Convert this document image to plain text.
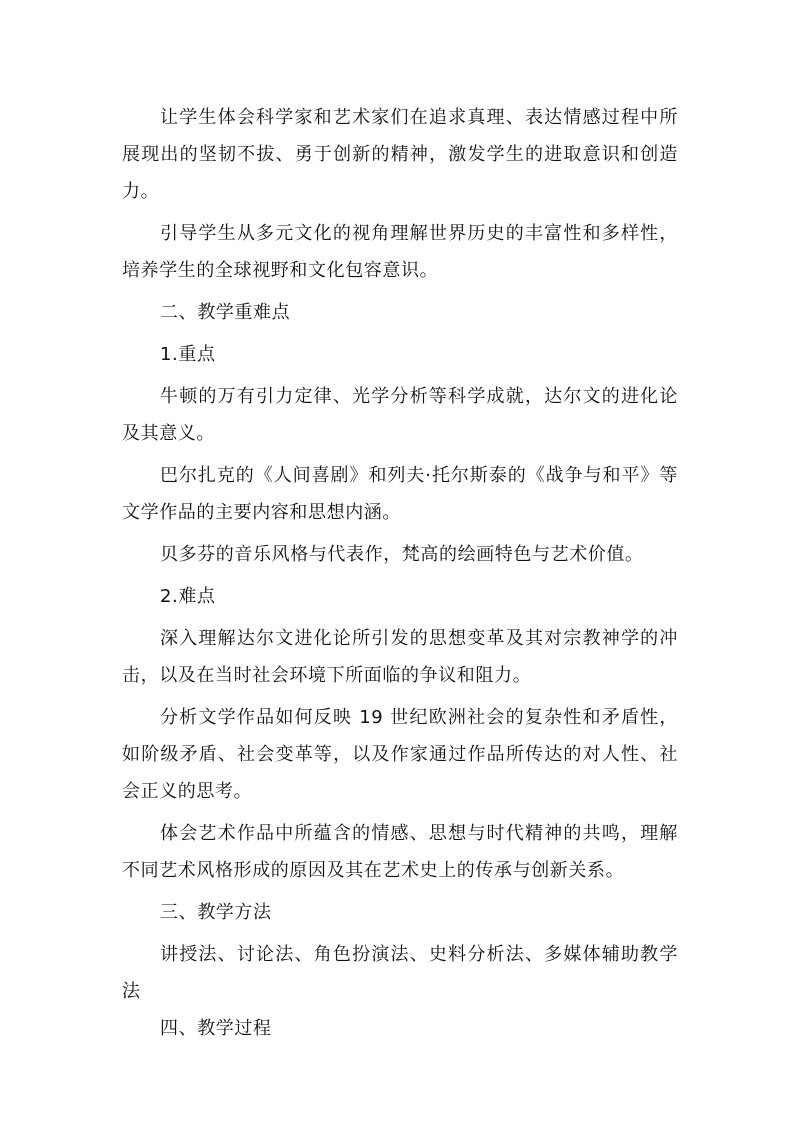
让学生体会科学家和艺术家们在追求真理、表达情感过程中所展现出的坚韧不拔、勇于创新的精神，激发学生的进取意识和创造力。

引导学生从多元文化的视角理解世界历史的丰富性和多样性，培养学生的全球视野和文化包容意识。

二、教学重难点

1.重点

牛顿的万有引力定律、光学分析等科学成就，达尔文的进化论及其意义。

巴尔扎克的《人间喜剧》和列夫·托尔斯泰的《战争与和平》等文学作品的主要内容和思想内涵。

贝多芬的音乐风格与代表作，梵高的绘画特色与艺术价值。

2.难点

深入理解达尔文进化论所引发的思想变革及其对宗教神学的冲击，以及在当时社会环境下所面临的争议和阻力。

分析文学作品如何反映 19 世纪欧洲社会的复杂性和矛盾性，如阶级矛盾、社会变革等，以及作家通过作品所传达的对人性、社会正义的思考。

体会艺术作品中所蕴含的情感、思想与时代精神的共鸣，理解不同艺术风格形成的原因及其在艺术史上的传承与创新关系。

三、教学方法

讲授法、讨论法、角色扮演法、史料分析法、多媒体辅助教学法

四、教学过程
